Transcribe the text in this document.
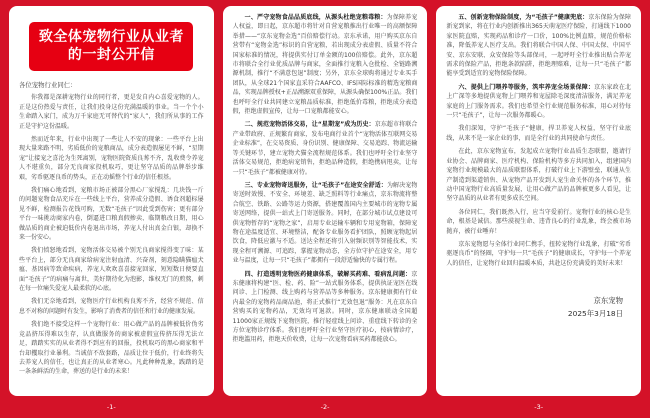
致全体宠物行业从业者
的一封公开信
各位宠物行业同仁：

你我都是深耕宠物行业的同行者，更是发自内心喜爱宠物的人。正是这份热爱与责任，让我们投身这份充满温暖的事业。当一个个小生命踏入家门，成为万千家庭无可替代的“家人”，我们所从事的工作正是守护这份温暖。

然而近年来，行业中出现了一些让人不安的现象：一些平台上出现大量来路不明、劣质低价的宠粮商品，成分表造假屡见不鲜，“星期宠”让接宠之喜沦为生死离别，宠物医院资质良莠不齐，乱收费令养宠人不堪重负，部分无良商家投机取巧，更让坚守品质的品牌举步维艰，劣币驱逐良币的势头，正在动摇整个行业的信任根基。

我们痛心地看到，宠粮市场正被部分黑心厂家搅乱：几块钱一斤的问题宠物食品充斥在一些线上平台，营养成分造假、诱食剂超标屡见不鲜，检测报告花钱可购，无数“毛孩子”因此受到伤害；更有部分平台一味挑动商家内卷，倒逼进口粮真假掺卖、临期粮改日期，用心做品质的商企被迫低价内卷退出市场，养宠人付出真金白银，却换不来一份安心。

我们愤怒地看到，宠物活体交易被个别无良商家搅得变了味：某些平台上，部分无良商家给病宠注射血清、兴奋剂，刻意隐瞒猫瘟犬瘟、基因病等致命疾病，养宠人欢欢喜喜接宠回家，短短数日便要直面“毛孩子”的病痛与离世，美好期待化为泡影，维权无门的煎熬，刺在每一位痛失爱宠人最柔软的心底。

我们无奈地看到，宠物医疗行业机构良莠不齐，经营不规范、信息不对称的问题时有发生，影响了消费者的信任和行业的健康发展。

我们绝不接受这样一个宠物行业：用心做产品的品牌被低价伪劣竞品挤压得难以生存，认真做服务的商家被虚假宣传挤压得无法立足，踏踏实实的从业者得不到应有的回报，投机取巧的黑心商家和平台却攫取行业暴利。当诚信不敌套路，品质让位于低价，行业终将失去养宠人的信任，也让真正的从业者寒心。凡此种种乱象，践踏的是一条条鲜活的生命，葬送的是行业的未来！

一、严守宠物食品品质底线，从源头杜绝宠粮毒粮：为保障养宠人权益，即日起，京东超市将针对自营宠粮推出行业唯一的高额保障举措——“京东宠物金选”百倍赔偿行动。京东承诺，用户购买京东自营带有“宠物金选”标识的自营宠粮，若出现成分表虚假、质量不符合国家标准的情况，将提供实付订单金额的100倍赔偿。此外，京东超市将联合全行业优质品牌与商家，全面推行宠粮入仓批检、全链路溯源机制，推行“不满意包退”制度；另外，京东全球购将通过专业买手团队，从全球21个国家直采符合AAFCO、IFS国际标准的精选宠粮商品，实现品牌授权+正品溯源双重保障，从源头确保100%正品。我们也呼吁全行业共同建立宠粮品质标准，拒绝低价毒粮，拒绝成分表造假，拒绝虚假宣传，让每一口宠粮都能安心。

二、规范宠物活体交易，让“星期宠”成为历史：京东超市将联合产业带政府、正规繁育商家，发布电商行业首个“宠物活体互联网交易企业标准”，在交易资质、身份识别、健康保障、交易追踪、物流运输等关键环节，建立宠物犬猫全流程规范体系。我们也呼吁全行业坚守活体交易规范，拒绝病宠销售，拒绝品种造假，拒绝携病甩卖，让每一只“毛孩子”都被健康对待。

三、专业宠物寄送服务，让“毛孩子”在途安全舒适：为解决宠物寄送时效慢、不安全、环境差、缺乏照料等行业痛点，京东物流将整合航空、铁路、公路等运力资源，搭建覆盖国内主要城市的宠物专属寄送网络，提供一站式上门寄送服务。同时，在部分城市试点建设可供宠物暂存的“宠物之家”，启用专业运输车辆和专用宠物箱，保障宠物在途温度适宜、环境整洁，配备专业服务看护团队，照顾宠物起居饮食，降低应激与不适。送达全程还将引入射频识别等智能技术，实现全程可溯源、可追踪，掌握宠物动态，全方位守护在途安全，用专业与温度，让每一只“毛孩子”都拥有一段舒适愉快的专属行程。

四、打造透明宠物医药健康体系，破解买药难、看病乱问题：京东健康将构建“医、检、药、险”一站式服务体系，提供执证宠医在线问诊、上门检测、线上购药与营养品等多种服务。京东健康拥有行业内最全的宠物药品商品池，将正式推行“无效包退”服务：凡在京东自营购买的宠物药品，无效均可退款。同时，京东健康联动全国超11000家正规线下宠物医院，推行轻症线上问诊、重症线下转诊的全方位宠物诊疗体系。我们也呼吁全行业坚守医疗初心，按病情诊疗，拒绝滥用药，拒绝天价收费，让每一次宠物看病买药都能放心。

五、创新宠物保险制度，为“毛孩子”健康兜底：京东保险为保障新宠到家，将在行业内创新推出365天萌宠医疗保险，打通线下1000家医院直赔，实现药品和诊疗一口价，100%比例直赔，规范价格标准，降低养宠人医疗支出。我们将联合中国人保、中国太保、中国平安、京东安联、众安保险等头部保司，一起呼吁全行业推出贴合养宠需求的保险产品，拒绝条款陷阱，拒绝理赔难，让每一只“毛孩子”都能享受到适宜的宠物保险保障。

六、提供上门喂养等服务，筑牢养宠全场景保障：京东家政在北上广深等多地提供宠物上门喂养和宠屋除毛深度清洁服务，满足养宠家庭的上门服务需求。我们也希望全行业规范服务标准，用心对待每一只“毛孩子”，让每一次服务都暖心。

我们深知，守护“毛孩子”健康，捍卫养宠人权益，坚守行业底线，从来不是一家企业的事，而是全行业的共同使命与责任。

在此，京东宠物宣布，发起成立宠物行业品质生态联盟，邀请行业协会、品牌商家、医疗机构、保险机构等多方共同加入，组建国内宠物行业规模最大的品质联盟体系，打破行业上下游壁垒，联通从生产制造到渠道销售、从宠物产品开发到人宠生命关怀的各个环节，推动中国宠物行业高质量发展，让用心做产品的品牌被更多人看见，让坚守品质的从业者有更多成长空间。

各位同仁，我们既然入行，应当守爱前行。宠物行业的核心是生命，根基是诚信。那些漠视生命、违背良心的行业乱象，终会被市场抛弃，被行业唾弃！

京东宠物愿与全体行业同仁携手，扭转宠物行业乱象，打破“劣币驱逐良币”的怪圈，守护每一只“毛孩子”的健康成长，守护每一个养宠人的信任，让宠物行业回归温暖本质，共赴这份充满爱的美好未来！

京东宠物
2025年3月18日
-1-	-2-	-3-
